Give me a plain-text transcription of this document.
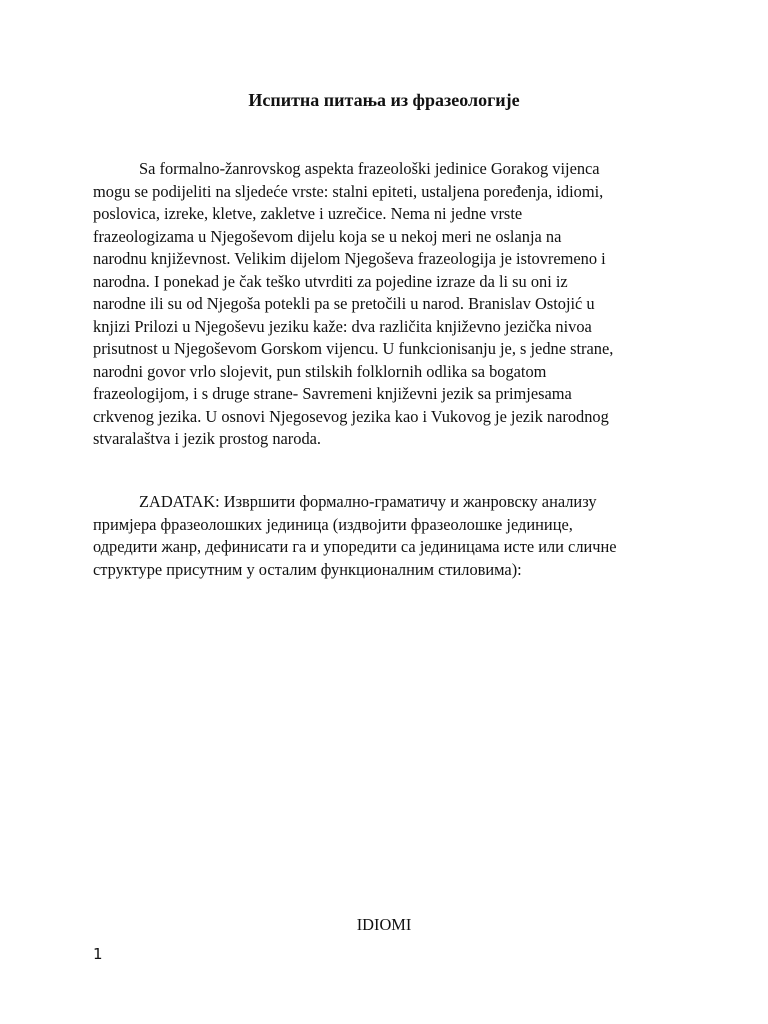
Испитна питања из фразеологије
Sa formalno-žanrovskog aspekta frazeološki jedinice Gorakog vijenca
mogu se podijeliti na sljedeće vrste: stalni epiteti, ustaljena poređenja, idiomi,
poslovica, izreke, kletve, zakletve i uzrečice. Nema ni jedne vrste
frazeologizama u Njegoševom dijelu koja se u nekoj meri ne oslanja na
narodnu književnost. Velikim dijelom Njegoševa frazeologija je istovremeno i
narodna. I ponekad je čak teško utvrditi za pojedine izraze da li su oni iz
narodne ili su od Njegoša potekli pa se pretočili u narod. Branislav Ostojić u
knjizi Prilozi u Njegoševu jeziku kaže: dva različita književno jezička nivoa
prisutnost u Njegoševom Gorskom vijencu. U funkcionisanju je, s jedne strane,
narodni govor vrlo slojevit, pun stilskih folklornih odlika sa bogatom
frazeologijom, i s druge strane- Savremeni književni jezik sa primjesama
crkvenog jezika. U osnovi Njegosevog jezika kao i Vukovog je jezik narodnog
stvaralaštva i jezik prostog naroda.
ZADATAK: Извршити формално-граматичу и жанровску анализу
примјера фразеолошких јединица (издвојити фразеолошке јединице,
одредити жанр, дефинисати га и упоредити са јединицама исте или сличне
структуре присутним у осталим функционалним стиловима):
IDIOMI
1
